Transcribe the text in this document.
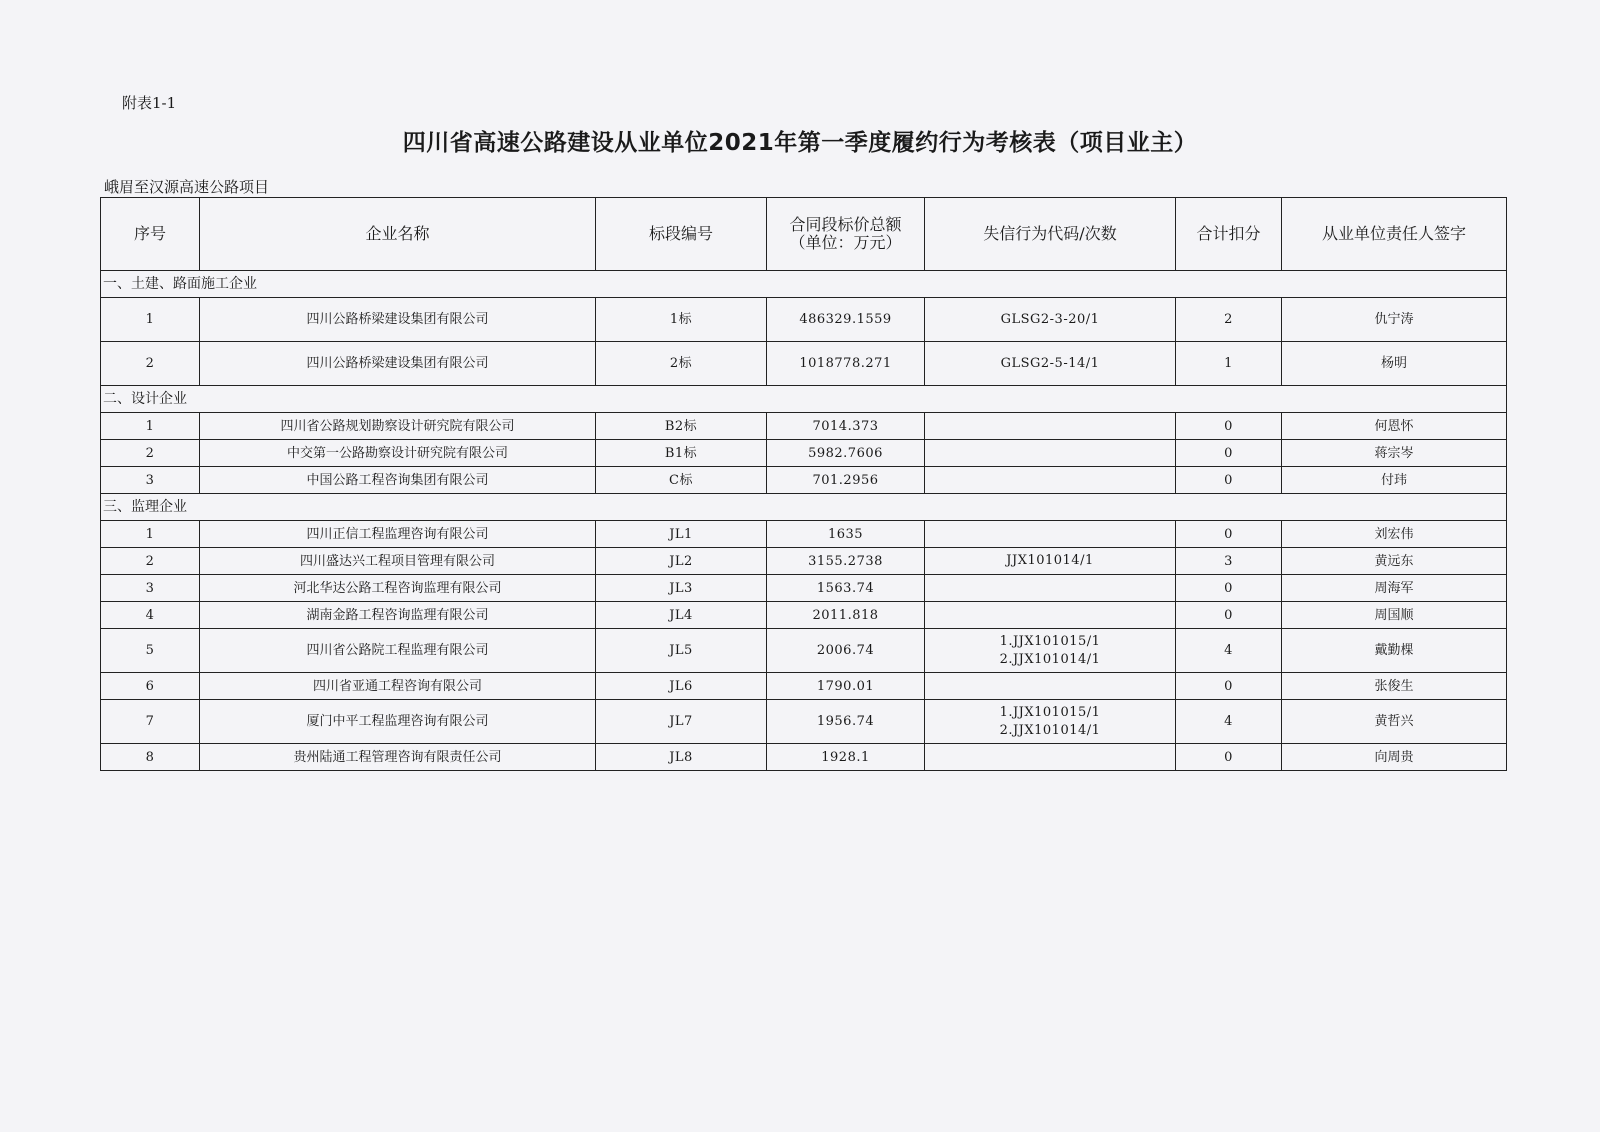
附表1-1
四川省高速公路建设从业单位2021年第一季度履约行为考核表（项目业主）
峨眉至汉源高速公路项目
序号	企业名称	标段编号	合同段标价总额
（单位：万元）	失信行为代码/次数	合计扣分	从业单位责任人签字
一、土建、路面施工企业						
1	四川公路桥梁建设集团有限公司	1标	486329.1559	GLSG2-3-20/1	2	仇宁涛
2	四川公路桥梁建设集团有限公司	2标	1018778.271	GLSG2-5-14/1	1	杨明
二、设计企业						
1	四川省公路规划勘察设计研究院有限公司	B2标	7014.373		0	何恩怀
2	中交第一公路勘察设计研究院有限公司	B1标	5982.7606		0	蒋宗岑
3	中国公路工程咨询集团有限公司	C标	701.2956		0	付玮
三、监理企业						
1	四川正信工程监理咨询有限公司	JL1	1635		0	刘宏伟
2	四川盛达兴工程项目管理有限公司	JL2	3155.2738	JJX101014/1	3	黄远东
3	河北华达公路工程咨询监理有限公司	JL3	1563.74		0	周海军
4	湖南金路工程咨询监理有限公司	JL4	2011.818		0	周国顺
5	四川省公路院工程监理有限公司	JL5	2006.74	1.JJX101015/1
2.JJX101014/1	4	戴勤棵
6	四川省亚通工程咨询有限公司	JL6	1790.01		0	张俊生
7	厦门中平工程监理咨询有限公司	JL7	1956.74	1.JJX101015/1
2.JJX101014/1	4	黄哲兴
8	贵州陆通工程管理咨询有限责任公司	JL8	1928.1		0	向周贵
